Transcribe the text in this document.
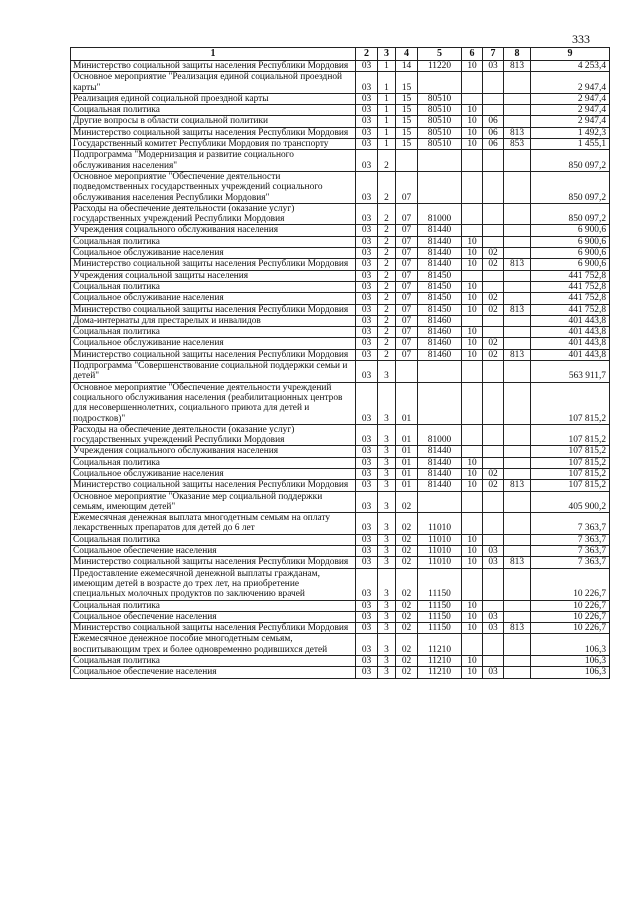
333
1	2	3	4	5	6	7	8	9
Министерство социальной защиты населения Республики Мордовия	03	1	14	11220	10	03	813	4 253,4
Основное мероприятие "Реализация единой социальной проездной карты"	03	1	15					2 947,4
Реализация единой социальной проездной карты	03	1	15	80510				2 947,4
Социальная политика	03	1	15	80510	10			2 947,4
Другие вопросы в области социальной политики	03	1	15	80510	10	06		2 947,4
Министерство социальной защиты населения Республики Мордовия	03	1	15	80510	10	06	813	1 492,3
Государственный комитет Республики Мордовия по транспорту	03	1	15	80510	10	06	853	1 455,1
Подпрограмма "Модернизация и развитие социального обслуживания населения"	03	2						850 097,2
Основное мероприятие "Обеспечение деятельности подведомственных государственных учреждений социального обслуживания населения Республики Мордовия"	03	2	07					850 097,2
Расходы на обеспечение деятельности (оказание услуг) государственных учреждений Республики Мордовия	03	2	07	81000				850 097,2
Учреждения социального обслуживания населения	03	2	07	81440				6 900,6
Социальная политика	03	2	07	81440	10			6 900,6
Социальное обслуживание населения	03	2	07	81440	10	02		6 900,6
Министерство социальной защиты населения Республики Мордовия	03	2	07	81440	10	02	813	6 900,6
Учреждения социальной защиты населения	03	2	07	81450				441 752,8
Социальная политика	03	2	07	81450	10			441 752,8
Социальное обслуживание населения	03	2	07	81450	10	02		441 752,8
Министерство социальной защиты населения Республики Мордовия	03	2	07	81450	10	02	813	441 752,8
Дома-интернаты для престарелых и инвалидов	03	2	07	81460				401 443,8
Социальная политика	03	2	07	81460	10			401 443,8
Социальное обслуживание населения	03	2	07	81460	10	02		401 443,8
Министерство социальной защиты населения Республики Мордовия	03	2	07	81460	10	02	813	401 443,8
Подпрограмма "Совершенствование социальной поддержки семьи и детей"	03	3						563 911,7
Основное мероприятие "Обеспечение деятельности учреждений социального обслуживания населения (реабилитационных центров для несовершеннолетних, социального приюта для детей и подростков)"	03	3	01					107 815,2
Расходы на обеспечение деятельности (оказание услуг) государственных учреждений Республики Мордовия	03	3	01	81000				107 815,2
Учреждения социального обслуживания населения	03	3	01	81440				107 815,2
Социальная политика	03	3	01	81440	10			107 815,2
Социальное обслуживание населения	03	3	01	81440	10	02		107 815,2
Министерство социальной защиты населения Республики Мордовия	03	3	01	81440	10	02	813	107 815,2
Основное мероприятие "Оказание мер социальной поддержки семьям, имеющим детей"	03	3	02					405 900,2
Ежемесячная денежная выплата многодетным семьям на оплату лекарственных препаратов для детей до 6 лет	03	3	02	11010				7 363,7
Социальная политика	03	3	02	11010	10			7 363,7
Социальное обеспечение населения	03	3	02	11010	10	03		7 363,7
Министерство социальной защиты населения Республики Мордовия	03	3	02	11010	10	03	813	7 363,7
Предоставление ежемесячной денежной выплаты гражданам, имеющим детей в возрасте до трех лет, на приобретение специальных молочных продуктов по заключению врачей	03	3	02	11150				10 226,7
Социальная политика	03	3	02	11150	10			10 226,7
Социальное обеспечение населения	03	3	02	11150	10	03		10 226,7
Министерство социальной защиты населения Республики Мордовия	03	3	02	11150	10	03	813	10 226,7
Ежемесячное денежное пособие многодетным семьям, воспитывающим трех и более одновременно родившихся детей	03	3	02	11210				106,3
Социальная политика	03	3	02	11210	10			106,3
Социальное обеспечение населения	03	3	02	11210	10	03		106,3
